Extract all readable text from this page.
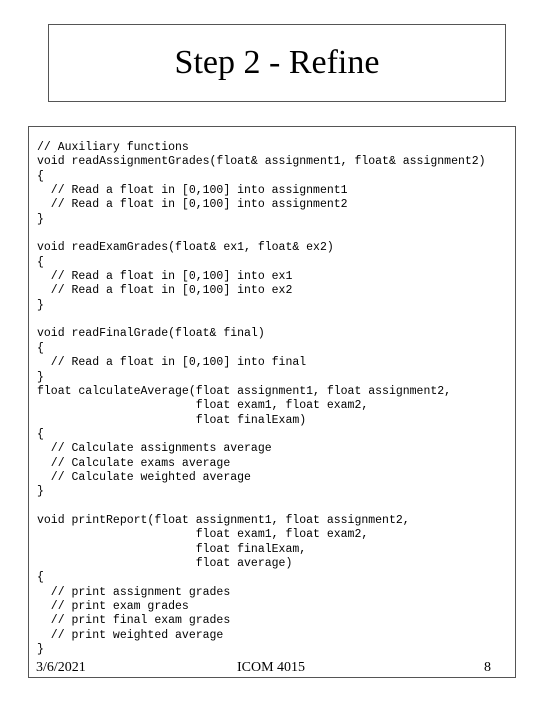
Step 2 - Refine
// Auxiliary functions
void readAssignmentGrades(float& assignment1, float& assignment2)
{
// Read a float in [0,100] into assignment1
// Read a float in [0,100] into assignment2
}
void readExamGrades(float& ex1, float& ex2)
{
// Read a float in [0,100] into ex1
// Read a float in [0,100] into ex2
}
void readFinalGrade(float& final)
{
// Read a float in [0,100] into final
}
float calculateAverage(float assignment1, float assignment2,
float exam1, float exam2,
float finalExam)
{
// Calculate assignments average
// Calculate exams average
// Calculate weighted average
}
void printReport(float assignment1, float assignment2,
float exam1, float exam2,
float finalExam,
float average)
{
// print assignment grades
// print exam grades
// print final exam grades
// print weighted average
}
3/6/2021	ICOM 4015	8
